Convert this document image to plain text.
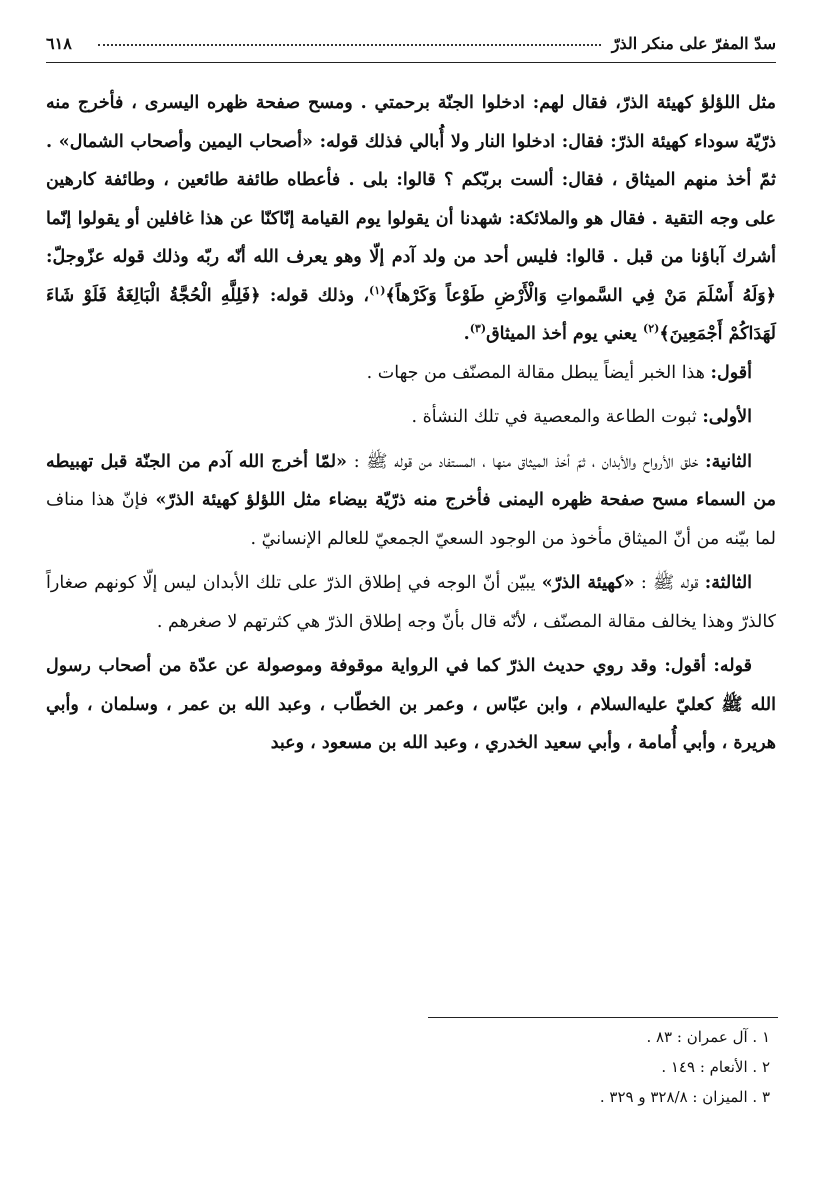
سدّ المفرّ على منكر الذرّ
٦١٨

مثل اللؤلؤ كهيئة الذرّ، فقال لهم: ادخلوا الجنّة برحمتي . ومسح صفحة ظهره اليسرى ، فأخرج منه ذرّيّة سوداء كهيئة الذرّ: فقال: ادخلوا النار ولا أُبالي فذلك قوله: «أصحاب اليمين وأصحاب الشمال» . ثمّ أخذ منهم الميثاق ، فقال: ألست بربّكم ؟ قالوا: بلى . فأعطاه طائفة طائعين ، وطائفة كارهين على وجه التقية . فقال هو والملائكة: شهدنا أن يقولوا يوم القيامة إنّاكنّا عن هذا غافلين أو يقولوا إنّما أشرك آباؤنا من قبل . قالوا: فليس أحد من ولد آدم إلّا وهو يعرف الله أنّه ربّه وذلك قوله عزّوجلّ: ﴿وَلَهُ أَسْلَمَ مَنْ فِي السَّمواتِ وَالْأَرْضِ طَوْعاً وَكَرْهاً﴾$^{(١)}$، وذلك قوله: ﴿فَلِلَّهِ الْحُجَّةُ الْبَالِغَةُ فَلَوْ شَاءَ لَهَدَاكُمْ أَجْمَعِينَ﴾$^{(٢)}$ يعني يوم أخذ الميثاق$^{(٣)}$.

أقول: هذا الخبر أيضاً يبطل مقالة المصنّف من جهات .

الأولى: ثبوت الطاعة والمعصية في تلك النشأة .

الثانية: خلق الأرواح والأبدان ، ثمّ أخذ الميثاق منها ، المستفاد من قوله ﷺ : «لمّا أخرج الله آدم من الجنّة قبل تهبيطه من السماء مسح صفحة ظهره اليمنى فأخرج منه ذرّيّة بيضاء مثل اللؤلؤ كهيئة الذرّ» فإنّ هذا مناف لما بيّنه من أنّ الميثاق مأخوذ من الوجود السعيّ الجمعيّ للعالم الإنسانيّ .

الثالثة: قوله ﷺ : «كهيئة الذرّ» يبيّن أنّ الوجه في إطلاق الذرّ على تلك الأبدان ليس إلّا كونهم صغاراً كالذرّ وهذا يخالف مقالة المصنّف ، لأنّه قال بأنّ وجه إطلاق الذرّ هي كثرتهم لا صغرهم .

قوله: أقول: وقد روي حديث الذرّ كما في الرواية موقوفة وموصولة عن عدّة من أصحاب رسول الله ﷺ كعليّ عليه‌السلام ، وابن عبّاس ، وعمر بن الخطّاب ، وعبد الله بن عمر ، وسلمان ، وأبي هريرة ، وأبي أُمامة ، وأبي سعيد الخدري ، وعبد الله بن مسعود ، وعبد

١ . آل عمران : ٨٣ .
٢ . الأنعام : ١٤٩ .
٣ . الميزان : ٣٢٨/٨ و ٣٢٩ .
